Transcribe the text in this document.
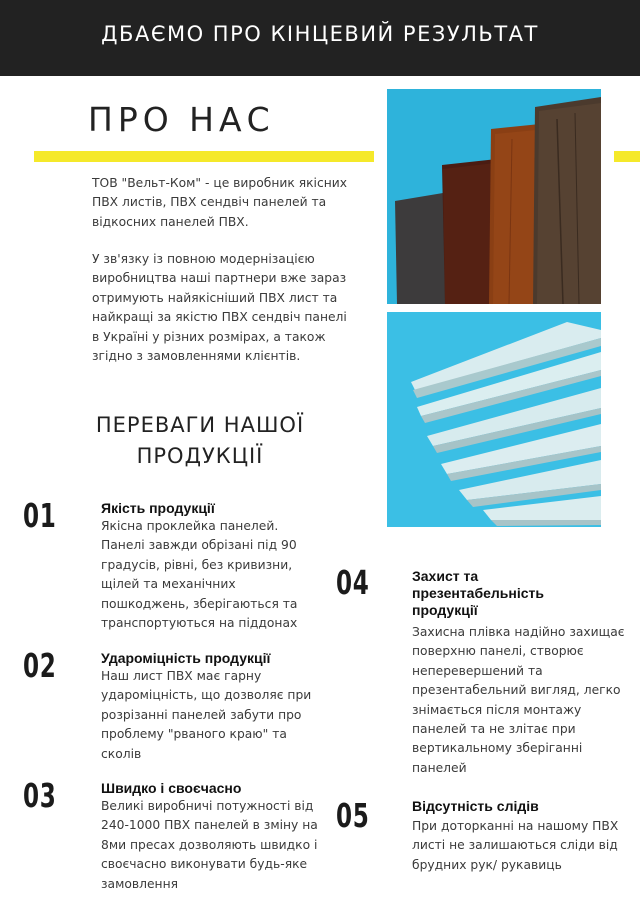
ДБАЄМО ПРО КІНЦЕВИЙ РЕЗУЛЬТАТ
ПРО НАС
ТОВ "Вельт-Ком" - це виробник якісних ПВХ листів, ПВХ сендвіч панелей та відкосних панелей ПВХ.
У зв'язку із повною модернізацією виробництва наші партнери вже зараз отримують найякісніший ПВХ лист та найкращі за якістю ПВХ сендвіч панелі в Україні у різних розмірах, а також згідно з замовленнями клієнтів.
ПЕРЕВАГИ НАШОЇ
ПРОДУКЦІЇ
01	Якість продукції
Якісна проклейка панелей. Панелі завжди обрізані під 90 градусів, рівні, без кривизни, щілей та механічних пошкоджень, зберігаються та транспортуються на піддонах
02	Удароміцність продукції
Наш лист ПВХ має гарну удароміцність, що дозволяє при розрізанні панелей забути про проблему "рваного краю" та сколів
03	Швидко і своєчасно
Великі виробничі потужності від 240-1000 ПВХ панелей в зміну на 8ми пресах дозволяють швидко і своєчасно виконувати будь-яке замовлення
04	Захист та презентабельність продукції
Захисна плівка надійно захищає поверхню панелі, створює неперевершений та презентабельний вигляд, легко знімається після монтажу панелей та не злітає при вертикальному зберіганні панелей
05	Відсутність слідів
При доторканні на нашому ПВХ листі не залишаються сліди від брудних рук/ рукавиць
